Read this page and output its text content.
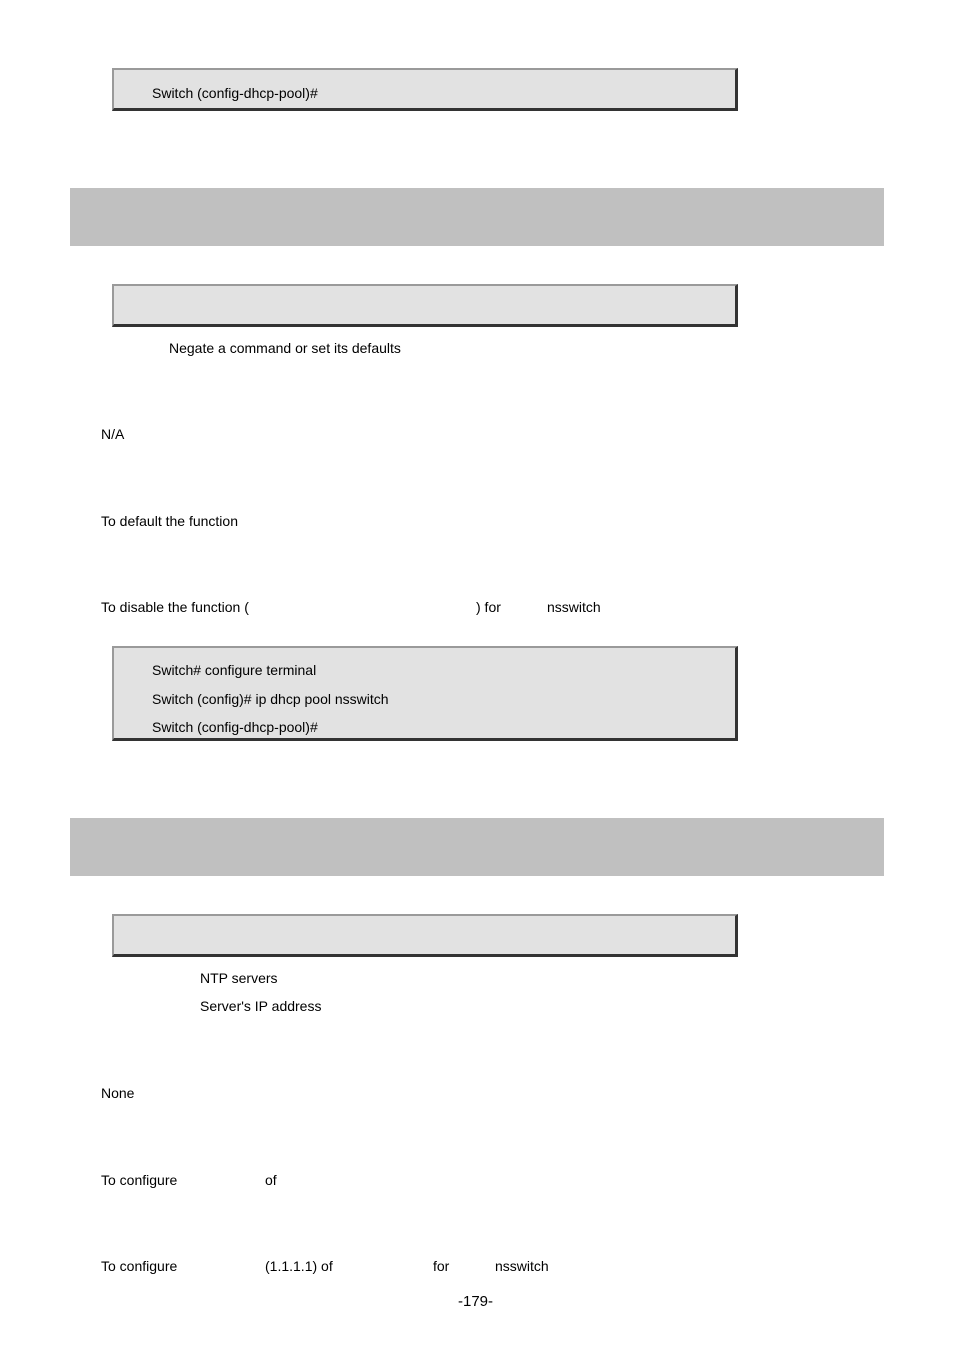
Switch (config-dhcp-pool)#
Negate a command or set its defaults
N/A
To default the function
To disable the function (	) for	nsswitch
Switch# configure terminal
Switch (config)# ip dhcp pool nsswitch
Switch (config-dhcp-pool)#
NTP servers
Server's IP address
None
To configure	of
To configure	(1.1.1.1) of	for	nsswitch
-179-
